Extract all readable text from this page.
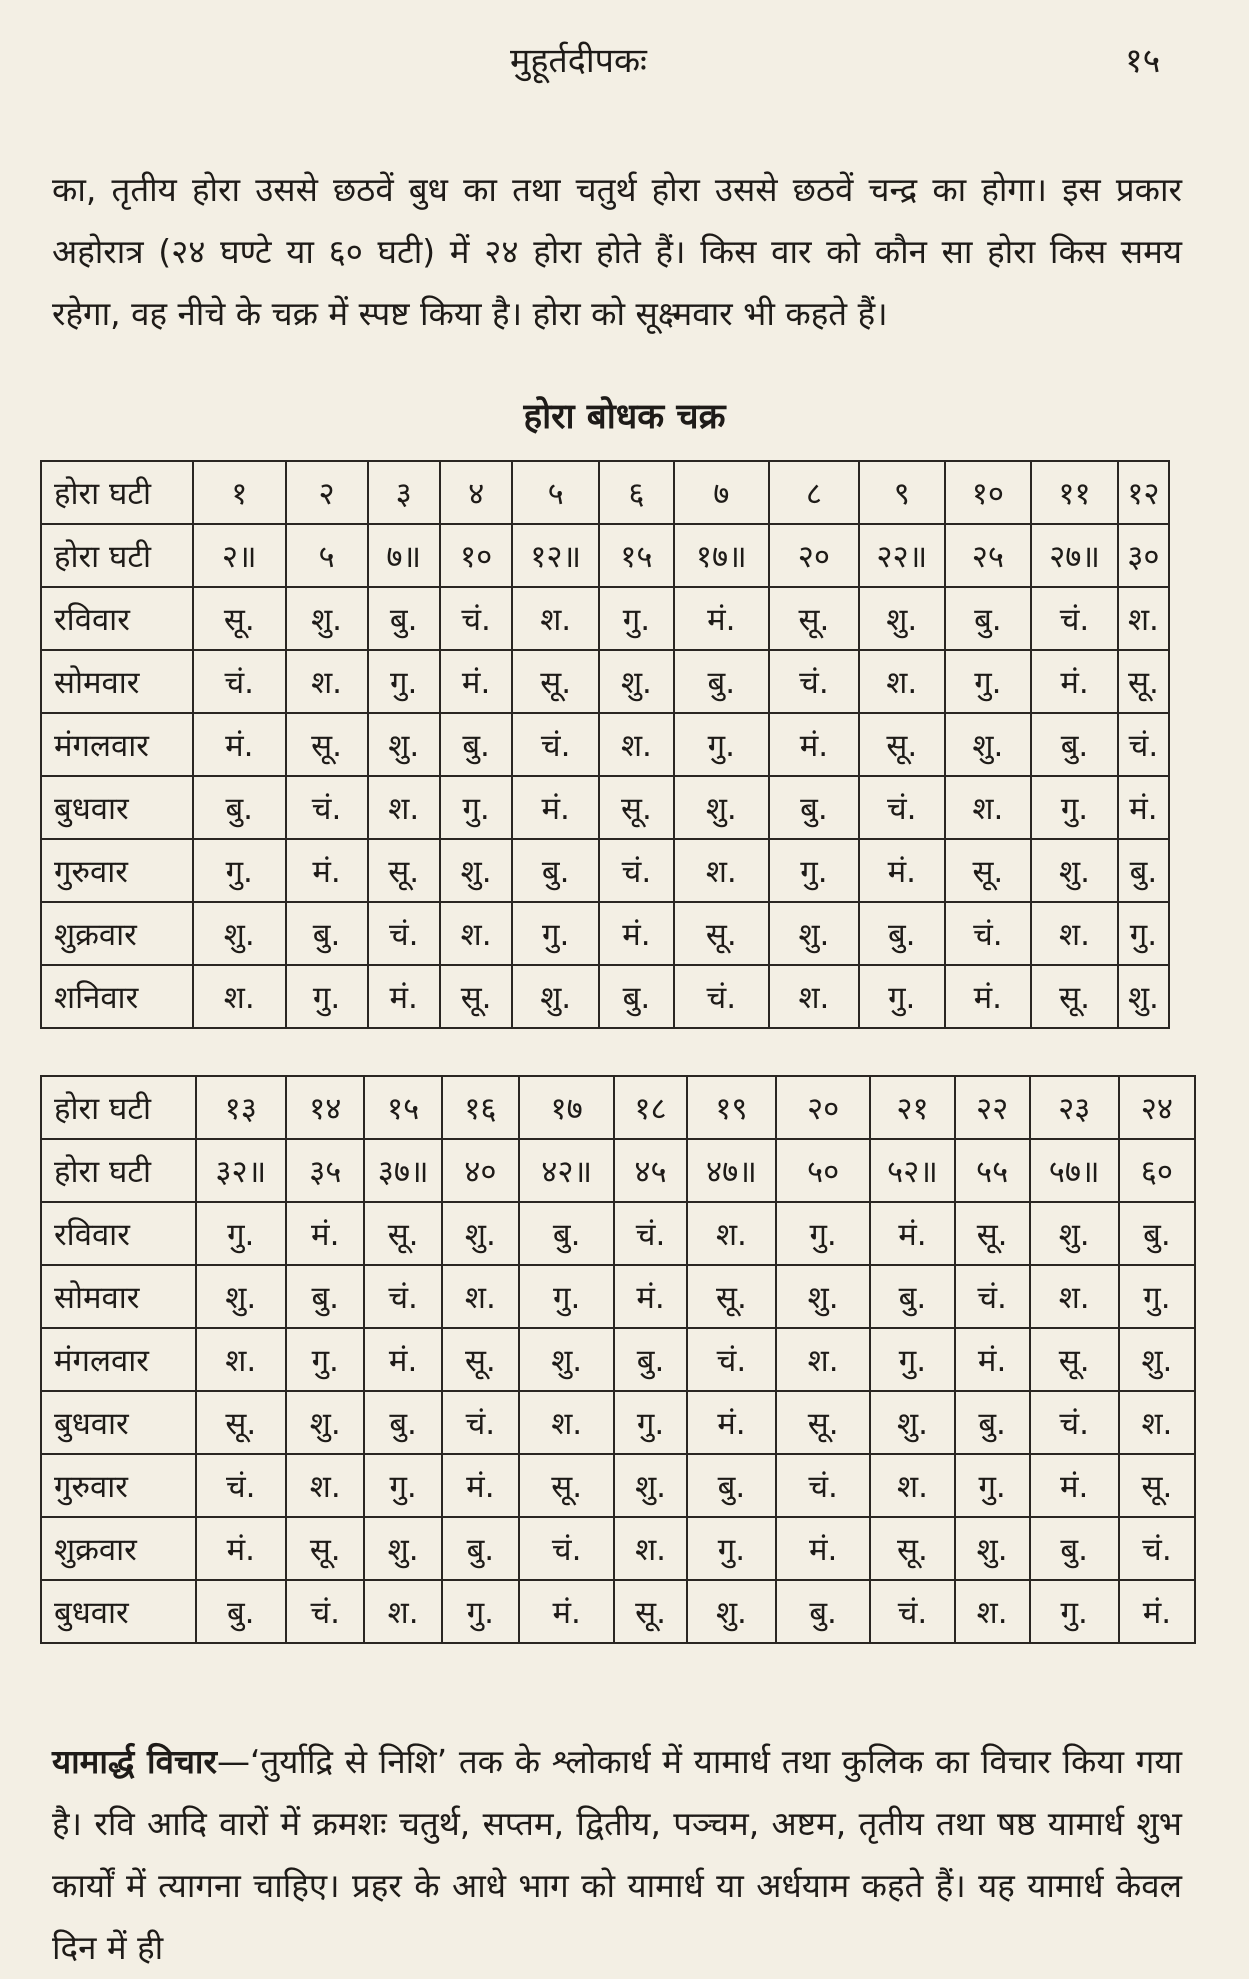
मुहूर्तदीपकः	१५

का, तृतीय होरा उससे छठवें बुध का तथा चतुर्थ होरा उससे छठवें चन्द्र का होगा। इस प्रकार अहोरात्र (२४ घण्टे या ६० घटी) में २४ होरा होते हैं। किस वार को कौन सा होरा किस समय रहेगा, वह नीचे के चक्र में स्पष्ट किया है। होरा को सूक्ष्मवार भी कहते हैं।

होरा बोधक चक्र
होरा घटी	१	२	३	४	५	६	७	८	९	१०	११	१२
होरा घटी	२॥	५	७॥	१०	१२॥	१५	१७॥	२०	२२॥	२५	२७॥	३०
रविवार	सू.	शु.	बु.	चं.	श.	गु.	मं.	सू.	शु.	बु.	चं.	श.
सोमवार	चं.	श.	गु.	मं.	सू.	शु.	बु.	चं.	श.	गु.	मं.	सू.
मंगलवार	मं.	सू.	शु.	बु.	चं.	श.	गु.	मं.	सू.	शु.	बु.	चं.
बुधवार	बु.	चं.	श.	गु.	मं.	सू.	शु.	बु.	चं.	श.	गु.	मं.
गुरुवार	गु.	मं.	सू.	शु.	बु.	चं.	श.	गु.	मं.	सू.	शु.	बु.
शुक्रवार	शु.	बु.	चं.	श.	गु.	मं.	सू.	शु.	बु.	चं.	श.	गु.
शनिवार	श.	गु.	मं.	सू.	शु.	बु.	चं.	श.	गु.	मं.	सू.	शु.
होरा घटी	१३	१४	१५	१६	१७	१८	१९	२०	२१	२२	२३	२४
होरा घटी	३२॥	३५	३७॥	४०	४२॥	४५	४७॥	५०	५२॥	५५	५७॥	६०
रविवार	गु.	मं.	सू.	शु.	बु.	चं.	श.	गु.	मं.	सू.	शु.	बु.
सोमवार	शु.	बु.	चं.	श.	गु.	मं.	सू.	शु.	बु.	चं.	श.	गु.
मंगलवार	श.	गु.	मं.	सू.	शु.	बु.	चं.	श.	गु.	मं.	सू.	शु.
बुधवार	सू.	शु.	बु.	चं.	श.	गु.	मं.	सू.	शु.	बु.	चं.	श.
गुरुवार	चं.	श.	गु.	मं.	सू.	शु.	बु.	चं.	श.	गु.	मं.	सू.
शुक्रवार	मं.	सू.	शु.	बु.	चं.	श.	गु.	मं.	सू.	शु.	बु.	चं.
बुधवार	बु.	चं.	श.	गु.	मं.	सू.	शु.	बु.	चं.	श.	गु.	मं.

यामार्द्ध विचार—‘तुर्याद्रि से निशि’ तक के श्लोकार्ध में यामार्ध तथा कुलिक का विचार किया गया है। रवि आदि वारों में क्रमशः चतुर्थ, सप्तम, द्वितीय, पञ्चम, अष्टम, तृतीय तथा षष्ठ यामार्ध शुभ कार्यों में त्यागना चाहिए। प्रहर के आधे भाग को यामार्ध या अर्धयाम कहते हैं। यह यामार्ध केवल दिन में ही
